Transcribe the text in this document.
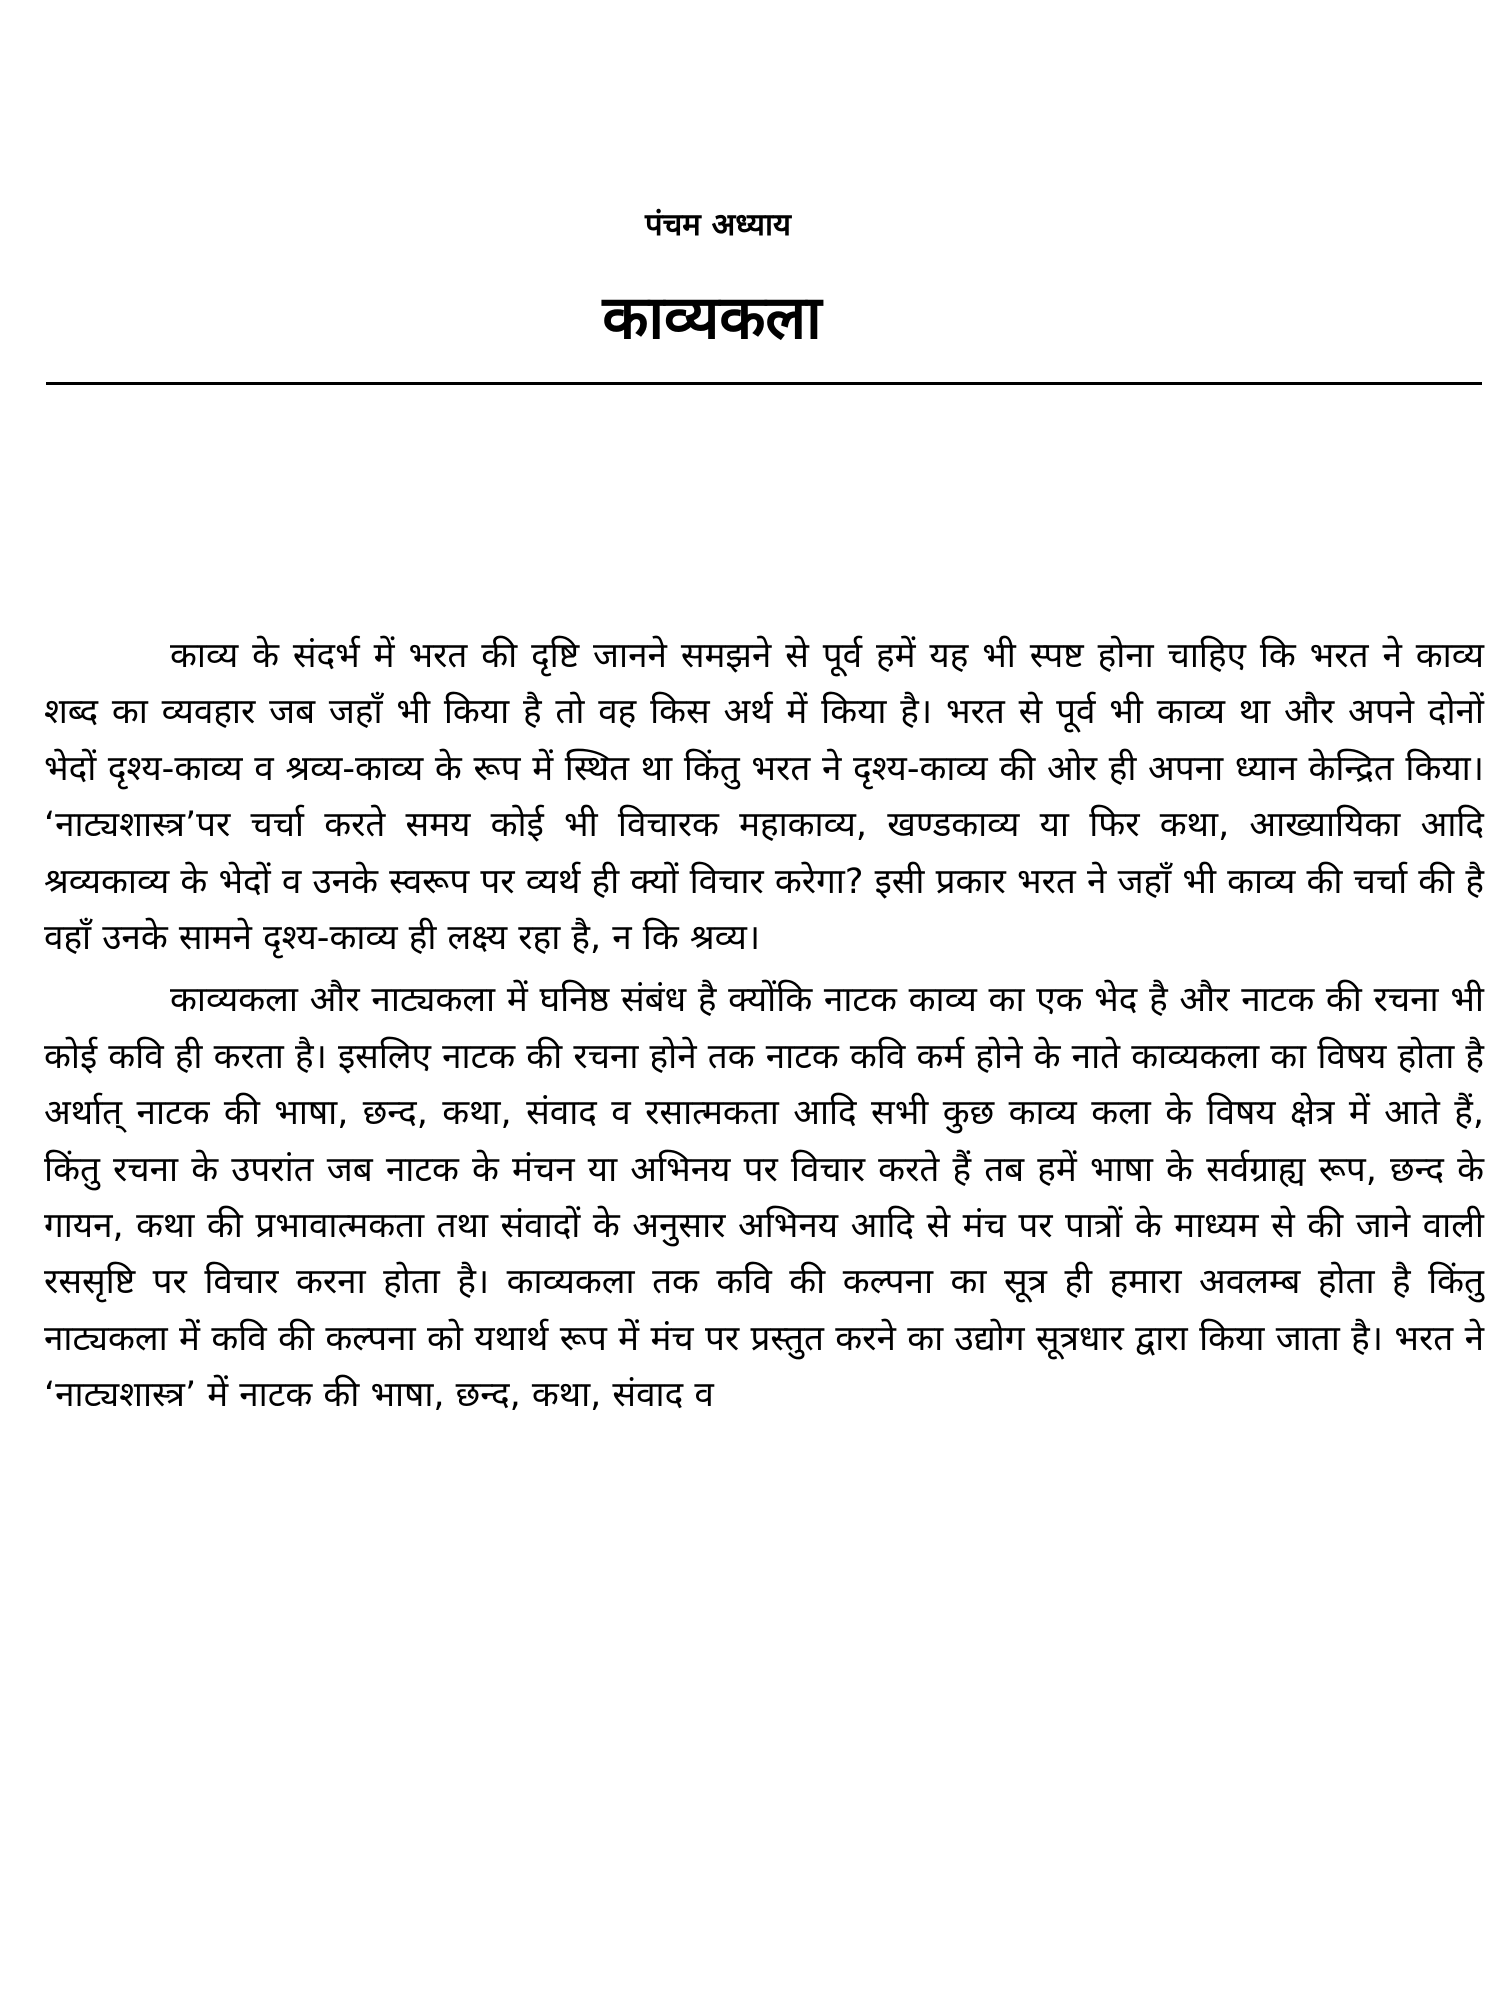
पंचम अध्याय
काव्यकला

काव्य के संदर्भ में भरत की दृष्टि जानने समझने से पूर्व हमें यह भी स्पष्ट होना चाहिए कि भरत ने काव्य शब्द का व्यवहार जब जहाँ भी किया है तो वह किस अर्थ में किया है। भरत से पूर्व भी काव्य था और अपने दोनों भेदों दृश्य-काव्य व श्रव्य-काव्य के रूप में स्थित था किंतु भरत ने दृश्य-काव्य की ओर ही अपना ध्यान केन्द्रित किया। ‘नाट्यशास्त्र’पर चर्चा करते समय कोई भी विचारक महाकाव्य, खण्डकाव्य या फिर कथा, आख्यायिका आदि श्रव्यकाव्य के भेदों व उनके स्वरूप पर व्यर्थ ही क्यों विचार करेगा? इसी प्रकार भरत ने जहाँ भी काव्य की चर्चा की है वहाँ उनके सामने दृश्य-काव्य ही लक्ष्य रहा है, न कि श्रव्य।

काव्यकला और नाट्यकला में घनिष्ठ संबंध है क्योंकि नाटक काव्य का एक भेद है और नाटक की रचना भी कोई कवि ही करता है। इसलिए नाटक की रचना होने तक नाटक कवि कर्म होने के नाते काव्यकला का विषय होता है अर्थात् नाटक की भाषा, छन्द, कथा, संवाद व रसात्मकता आदि सभी कुछ काव्य कला के विषय क्षेत्र में आते हैं, किंतु रचना के उपरांत जब नाटक के मंचन या अभिनय पर विचार करते हैं तब हमें भाषा के सर्वग्राह्य रूप, छन्द के गायन, कथा की प्रभावात्मकता तथा संवादों के अनुसार अभिनय आदि से मंच पर पात्रों के माध्यम से की जाने वाली रससृष्टि पर विचार करना होता है। काव्यकला तक कवि की कल्पना का सूत्र ही हमारा अवलम्ब होता है किंतु नाट्यकला में कवि की कल्पना को यथार्थ रूप में मंच पर प्रस्तुत करने का उद्योग सूत्रधार द्वारा किया जाता है। भरत ने ‘नाट्यशास्त्र’ में नाटक की भाषा, छन्द, कथा, संवाद व
